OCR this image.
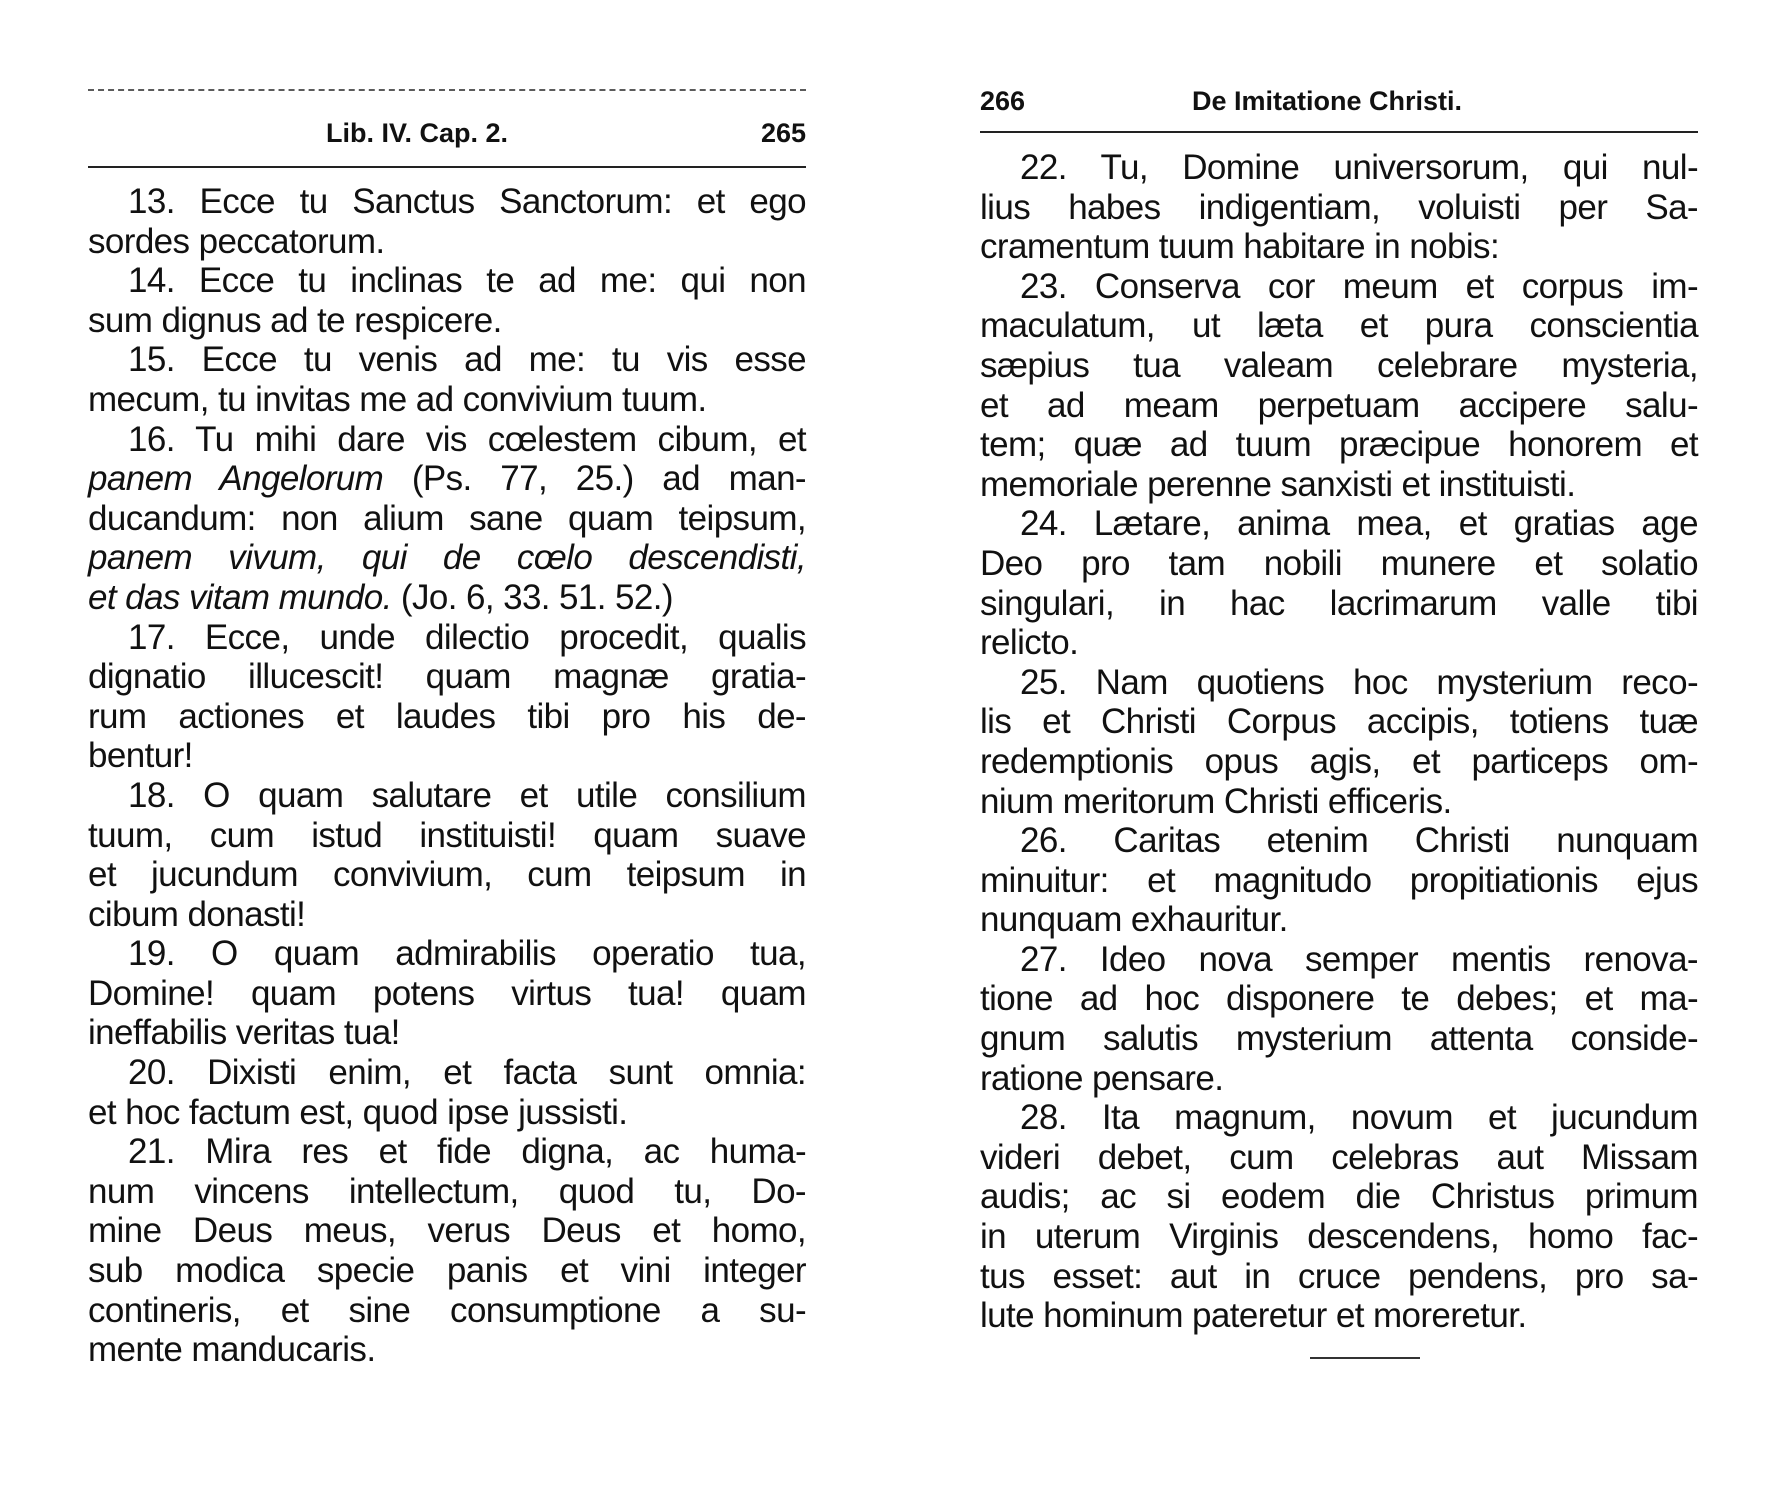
Lib. IV. Cap. 2.	265

13. Ecce tu Sanctus Sanctorum: et ego
sordes peccatorum.

14. Ecce tu inclinas te ad me: qui non
sum dignus ad te respicere.

15. Ecce tu venis ad me: tu vis esse
mecum, tu invitas me ad convivium tuum.

16. Tu mihi dare vis cœlestem cibum, et
panem Angelorum (Ps. 77, 25.) ad man-
ducandum: non alium sane quam teipsum,
panem vivum, qui de cœlo descendisti,
et das vitam mundo. (Jo. 6, 33. 51. 52.)

17. Ecce, unde dilectio procedit, qualis
dignatio illucescit! quam magnæ gratia-
rum actiones et laudes tibi pro his de-
bentur!

18. O quam salutare et utile consilium
tuum, cum istud instituisti! quam suave
et jucundum convivium, cum teipsum in
cibum donasti!

19. O quam admirabilis operatio tua,
Domine! quam potens virtus tua! quam
ineffabilis veritas tua!

20. Dixisti enim, et facta sunt omnia:
et hoc factum est, quod ipse jussisti.

21. Mira res et fide digna, ac huma-
num vincens intellectum, quod tu, Do-
mine Deus meus, verus Deus et homo,
sub modica specie panis et vini integer
contineris, et sine consumptione a su-
mente manducaris.

266	De Imitatione Christi.

22. Tu, Domine universorum, qui nul-
lius habes indigentiam, voluisti per Sa-
cramentum tuum habitare in nobis:

23. Conserva cor meum et corpus im-
maculatum, ut læta et pura conscientia
sæpius tua valeam celebrare mysteria,
et ad meam perpetuam accipere salu-
tem; quæ ad tuum præcipue honorem et
memoriale perenne sanxisti et instituisti.

24. Lætare, anima mea, et gratias age
Deo pro tam nobili munere et solatio
singulari, in hac lacrimarum valle tibi
relicto.

25. Nam quotiens hoc mysterium reco-
lis et Christi Corpus accipis, totiens tuæ
redemptionis opus agis, et particeps om-
nium meritorum Christi efficeris.

26. Caritas etenim Christi nunquam
minuitur: et magnitudo propitiationis ejus
nunquam exhauritur.

27. Ideo nova semper mentis renova-
tione ad hoc disponere te debes; et ma-
gnum salutis mysterium attenta conside-
ratione pensare.

28. Ita magnum, novum et jucundum
videri debet, cum celebras aut Missam
audis; ac si eodem die Christus primum
in uterum Virginis descendens, homo fac-
tus esset: aut in cruce pendens, pro sa-
lute hominum pateretur et moreretur.
